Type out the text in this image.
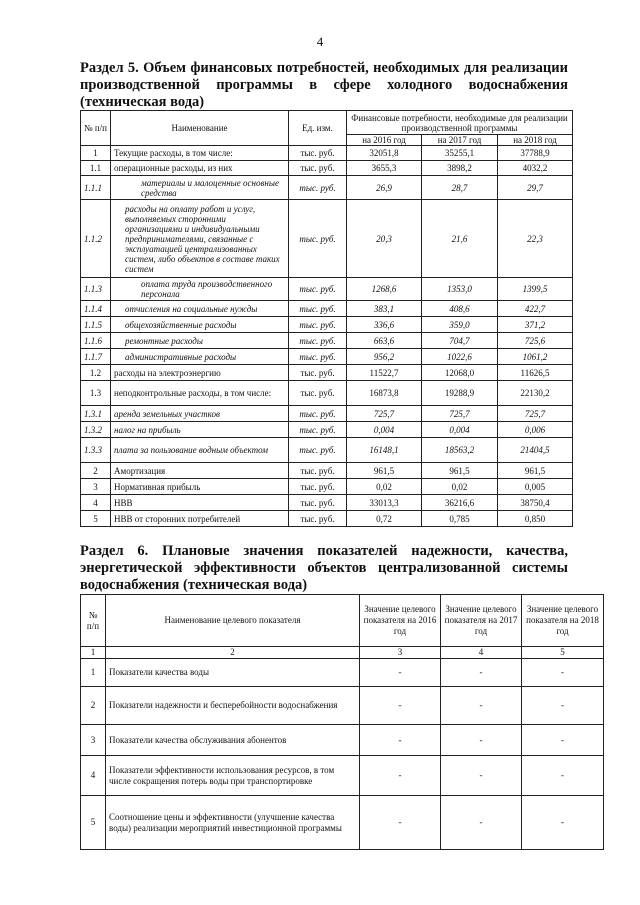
4
Раздел 5. Объем финансовых потребностей, необходимых для реализации производственной программы в сфере холодного водоснабжения (техническая вода)
№ п/п	Наименование	Ед. изм.	Финансовые потребности, необходимые для реализации производственной программы		
			на 2016 год	на 2017 год	на 2018 год
1	Текущие расходы, в том числе:	тыс. руб.	32051,8	35255,1	37788,9
1.1	операционные расходы, из них	тыс. руб.	3655,3	3898,2	4032,2
1.1.1	материалы и малоценные основные средства	тыс. руб.	26,9	28,7	29,7
1.1.2	расходы на оплату работ и услуг, выполняемых сторонними организациями и индивидуальными предпринимателями, связанные с эксплуатацией централизованных систем, либо объектов в составе таких систем	тыс. руб.	20,3	21,6	22,3
1.1.3	оплата труда производственного персонала	тыс. руб.	1268,6	1353,0	1399,5
1.1.4	отчисления на социальные нужды	тыс. руб.	383,1	408,6	422,7
1.1.5	общехозяйственные расходы	тыс. руб.	336,6	359,0	371,2
1.1.6	ремонтные расходы	тыс. руб.	663,6	704,7	725,6
1.1.7	административные расходы	тыс. руб.	956,2	1022,6	1061,2
1.2	расходы на электроэнергию	тыс. руб.	11522,7	12068,0	11626,5
1.3	неподконтрольные расходы, в том числе:	тыс. руб.	16873,8	19288,9	22130,2
1.3.1	аренда земельных участков	тыс. руб.	725,7	725,7	725,7
1.3.2	налог на прибыль	тыс. руб.	0,004	0,004	0,006
1.3.3	плата за пользование водным объектом	тыс. руб.	16148,1	18563,2	21404,5
2	Амортизация	тыс. руб.	961,5	961,5	961,5
3	Нормативная прибыль	тыс. руб.	0,02	0,02	0,005
4	НВВ	тыс. руб.	33013,3	36216,6	38750,4
5	НВВ от сторонних потребителей	тыс. руб.	0,72	0,785	0,850
Раздел 6. Плановые значения показателей надежности, качества, энергетической эффективности объектов централизованной системы водоснабжения (техническая вода)
№ п/п	Наименование целевого показателя	Значение целевого показателя на 2016 год	Значение целевого показателя на 2017 год	Значение целевого показателя на 2018 год
1	2	3	4	5
1	Показатели качества воды	-	-	-
2	Показатели надежности и бесперебойности водоснабжения	-	-	-
3	Показатели качества обслуживания абонентов	-	-	-
4	Показатели эффективности использования ресурсов, в том числе сокращения потерь воды при транспортировке	-	-	-
5	Соотношение цены и эффективности (улучшение качества воды) реализации мероприятий инвестиционной программы	-	-	-
